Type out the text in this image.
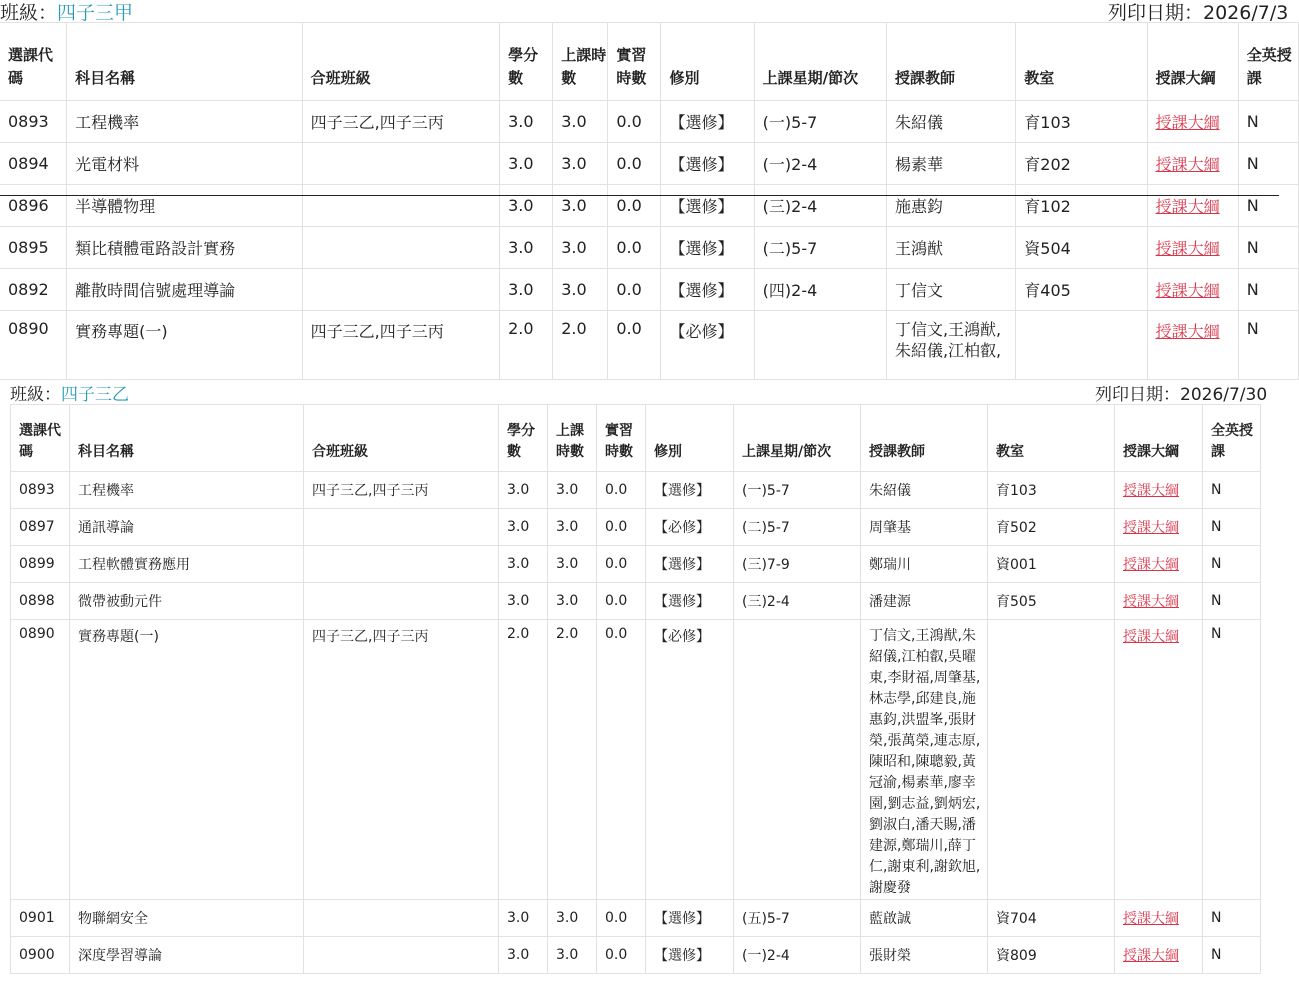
班級：四子三甲	列印日期：2026/7/3
選課代碼	科目名稱	合班班級	學分數	上課時數	實習時數	修別	上課星期/節次	授課教師	教室	授課大綱	全英授課
0893	工程機率	四子三乙,四子三丙	3.0	3.0	0.0	【選修】	(一)5-7	朱紹儀	育103	授課大綱	N
0894	光電材料		3.0	3.0	0.0	【選修】	(一)2-4	楊素華	育202	授課大綱	N
0896	半導體物理		3.0	3.0	0.0	【選修】	(三)2-4	施惠鈞	育102	授課大綱	N
0895	類比積體電路設計實務		3.0	3.0	0.0	【選修】	(二)5-7	王鴻猷	資504	授課大綱	N
0892	離散時間信號處理導論		3.0	3.0	0.0	【選修】	(四)2-4	丁信文	育405	授課大綱	N
0890	實務專題(一)	四子三乙,四子三丙	2.0	2.0	0.0	【必修】		丁信文,王鴻猷,朱紹儀,江柏叡,		授課大綱	N
班級：四子三乙	列印日期：2026/7/30
選課代碼	科目名稱	合班班級	學分數	上課時數	實習時數	修別	上課星期/節次	授課教師	教室	授課大綱	全英授課
0893	工程機率	四子三乙,四子三丙	3.0	3.0	0.0	【選修】	(一)5-7	朱紹儀	育103	授課大綱	N
0897	通訊導論		3.0	3.0	0.0	【必修】	(二)5-7	周肇基	育502	授課大綱	N
0899	工程軟體實務應用		3.0	3.0	0.0	【選修】	(三)7-9	鄭瑞川	資001	授課大綱	N
0898	微帶被動元件		3.0	3.0	0.0	【選修】	(三)2-4	潘建源	育505	授課大綱	N
0890	實務專題(一)	四子三乙,四子三丙	2.0	2.0	0.0	【必修】		丁信文,王鴻猷,朱紹儀,江柏叡,吳曜東,李財福,周肇基,林志學,邱建良,施惠鈞,洪盟峯,張財榮,張萬榮,連志原,陳昭和,陳聰毅,黃冠渝,楊素華,廖幸園,劉志益,劉炳宏,劉淑白,潘天賜,潘建源,鄭瑞川,薛丁仁,謝東利,謝欽旭,謝慶發		授課大綱	N
0901	物聯網安全		3.0	3.0	0.0	【選修】	(五)5-7	藍啟誠	資704	授課大綱	N
0900	深度學習導論		3.0	3.0	0.0	【選修】	(一)2-4	張財榮	資809	授課大綱	N
